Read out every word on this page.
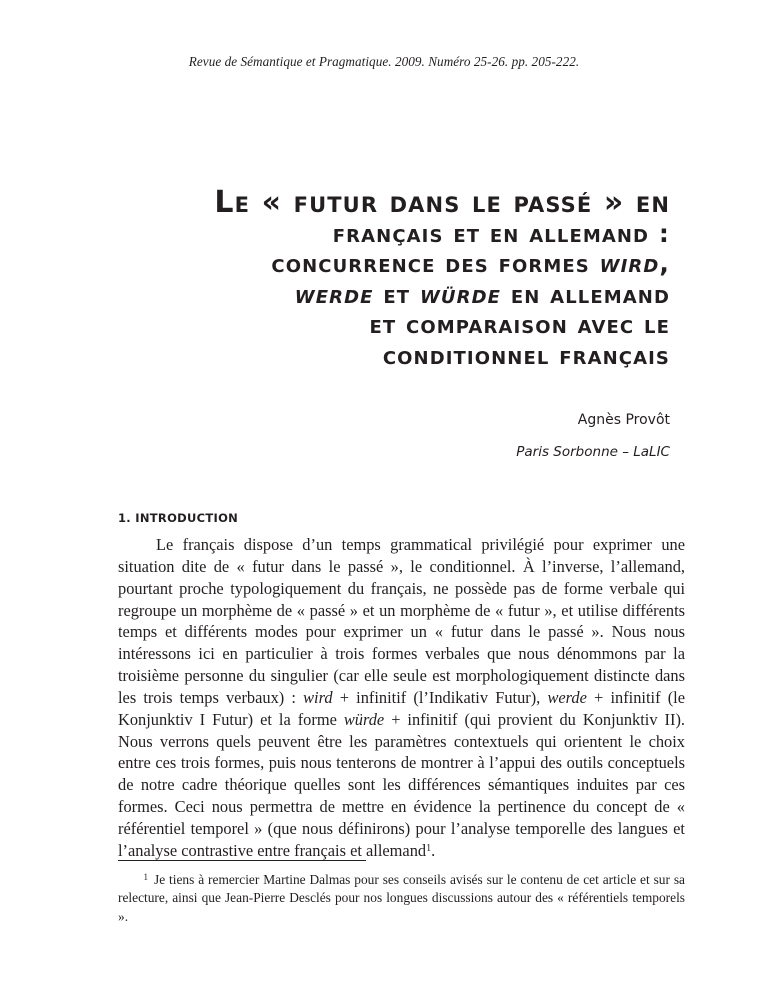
Revue de Sémantique et Pragmatique. 2009. Numéro 25-26. pp. 205-222.
Le « futur dans le passé » en
français et en allemand :
concurrence des formes wird,
werde et würde en allemand
et comparaison avec le
conditionnel français
Agnès Provôt
Paris Sorbonne – LaLIC
1. INTRODUCTION

Le français dispose d’un temps grammatical privilégié pour exprimer une situation dite de « futur dans le passé », le conditionnel. À l’inverse, l’allemand, pourtant proche typologiquement du français, ne possède pas de forme verbale qui regroupe un morphème de « passé » et un morphème de « futur », et utilise différents temps et différents modes pour exprimer un « futur dans le passé ». Nous nous intéressons ici en particulier à trois formes verbales que nous dénommons par la troisième personne du singulier (car elle seule est morphologiquement distincte dans les trois temps verbaux) : wird + infinitif (l’Indikativ Futur), werde + infinitif (le Konjunktiv I Futur) et la forme würde + infinitif (qui provient du Konjunktiv II). Nous verrons quels peuvent être les paramètres contextuels qui orientent le choix entre ces trois formes, puis nous tenterons de montrer à l’appui des outils conceptuels de notre cadre théorique quelles sont les différences sémantiques induites par ces formes. Ceci nous permettra de mettre en évidence la pertinence du concept de « référentiel temporel » (que nous définirons) pour l’analyse temporelle des langues et l’analyse contrastive entre français et allemand$^1$.

$^1$ Je tiens à remercier Martine Dalmas pour ses conseils avisés sur le contenu de cet article et sur sa relecture, ainsi que Jean-Pierre Desclés pour nos longues discussions autour des « référentiels temporels ».
